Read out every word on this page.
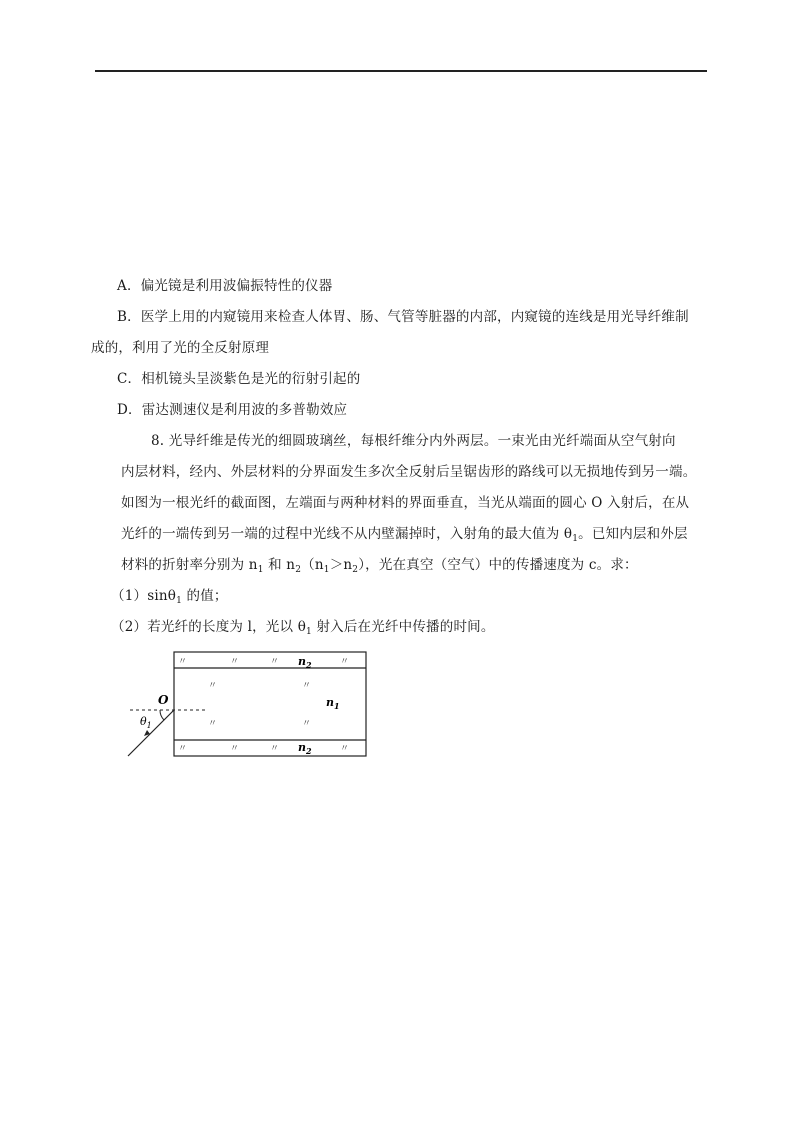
A．偏光镜是利用波偏振特性的仪器
B．医学上用的内窥镜用来检查人体胃、肠、气管等脏器的内部，内窥镜的连线是用光导纤维制
成的，利用了光的全反射原理
C．相机镜头呈淡紫色是光的衍射引起的
D．雷达测速仪是利用波的多普勒效应
8. 光导纤维是传光的细圆玻璃丝，每根纤维分内外两层。一束光由光纤端面从空气射向
内层材料，经内、外层材料的分界面发生多次全反射后呈锯齿形的路线可以无损地传到另一端。
如图为一根光纤的截面图，左端面与两种材料的界面垂直，当光从端面的圆心 O 入射后，在从
光纤的一端传到另一端的过程中光线不从内壁漏掉时，入射角的最大值为 $\theta_1$。已知内层和外层
材料的折射率分别为 $n_1$ 和 $n_2(n_1>n_2)$，光在真空（空气）中的传播速度为 c。求：
（1）sinθ$_1$ 的值；
（2）若光纤的长度为 l，光以 $\theta_1$ 射入后在光纤中传播的时间。
O
$\theta_1$
$n_2$
$n_1$
$n_2$
〃	〃	〃	〃
〃	〃
〃	〃
〃	〃	〃	〃
